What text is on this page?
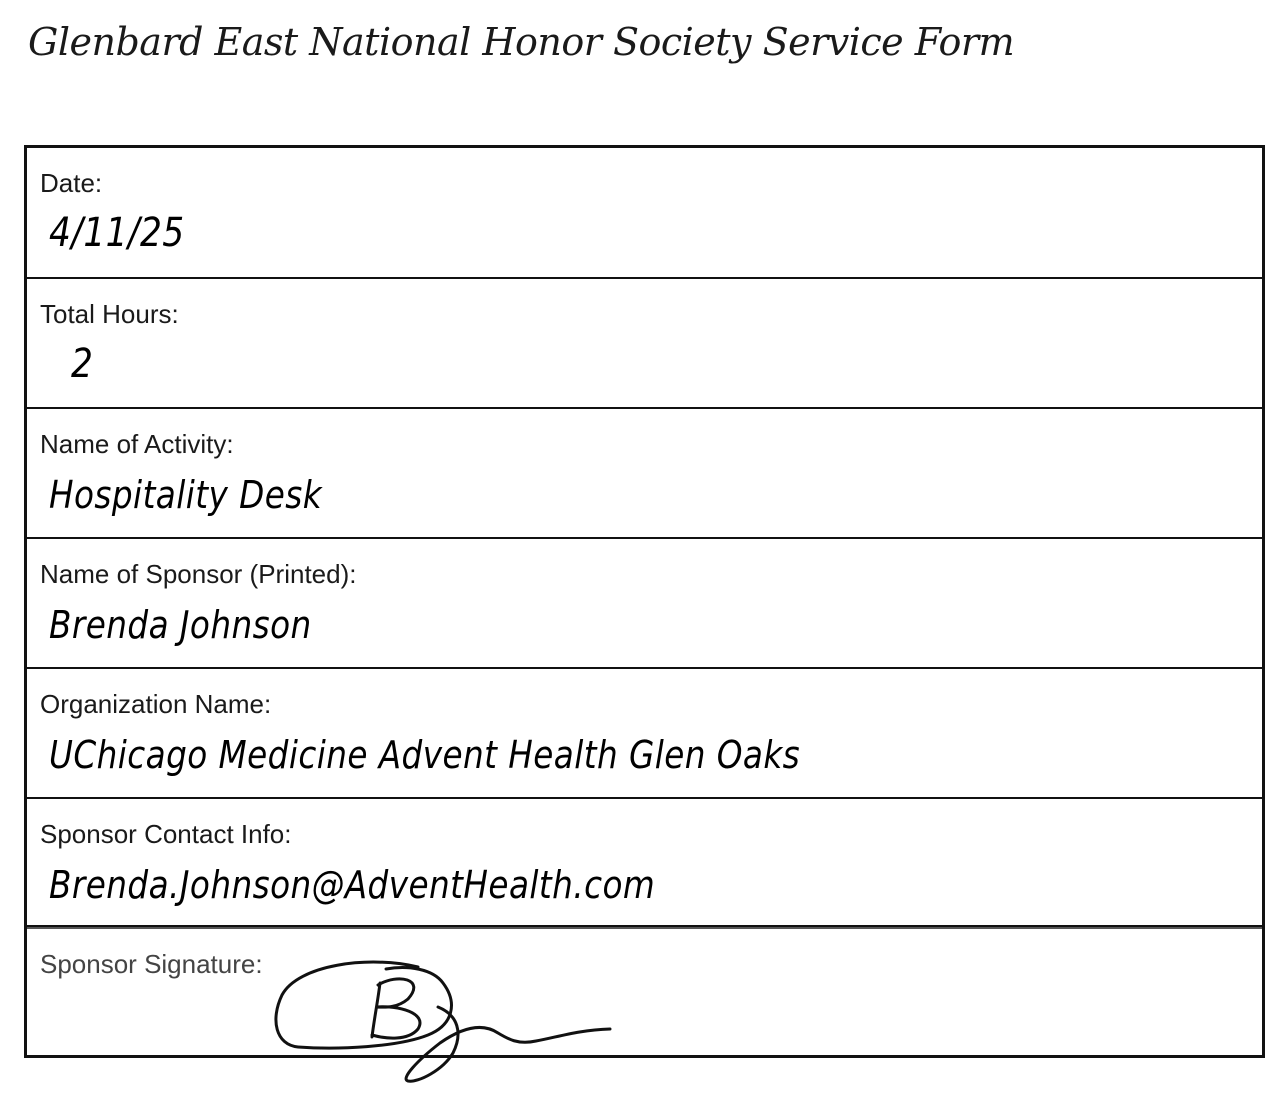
Glenbard East National Honor Society Service Form
Date:
4/11/25
Total Hours:
2
Name of Activity:
Hospitality Desk
Name of Sponsor (Printed):
Brenda Johnson
Organization Name:
UChicago Medicine Advent Health Glen Oaks
Sponsor Contact Info:
Brenda.Johnson@AdventHealth.com
Sponsor Signature:
